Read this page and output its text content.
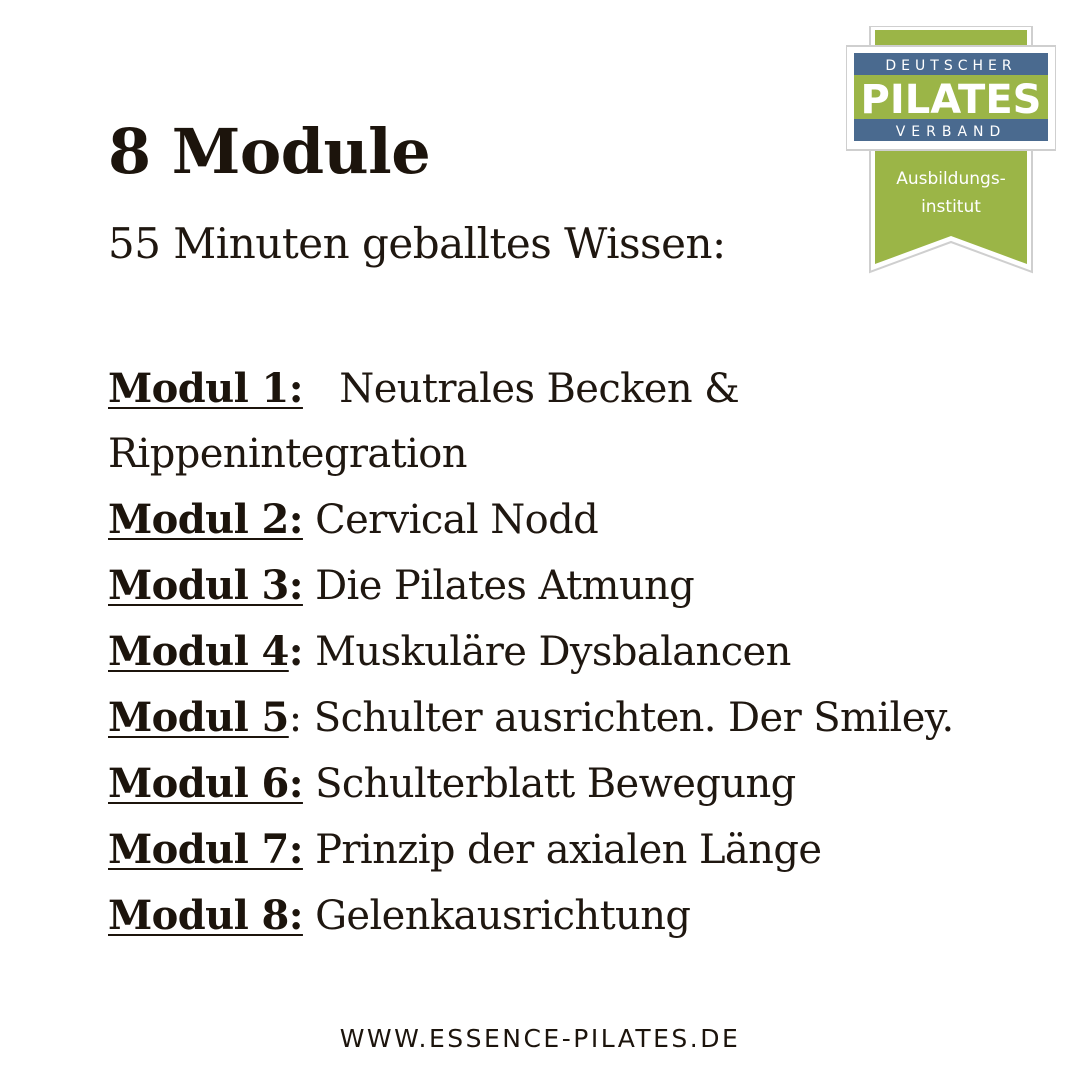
DEUTSCHER
PILATES
VERBAND
Ausbildungs-
institut
8 Module

55 Minuten geballtes Wissen:

Modul 1: Neutrales Becken & Rippenintegration
Modul 2: Cervical Nodd
Modul 3: Die Pilates Atmung
Modul 4: Muskuläre Dysbalancen
Modul 5: Schulter ausrichten. Der Smiley.
Modul 6: Schulterblatt Bewegung
Modul 7: Prinzip der axialen Länge
Modul 8: Gelenkausrichtung
WWW.ESSENCE-PILATES.DE
